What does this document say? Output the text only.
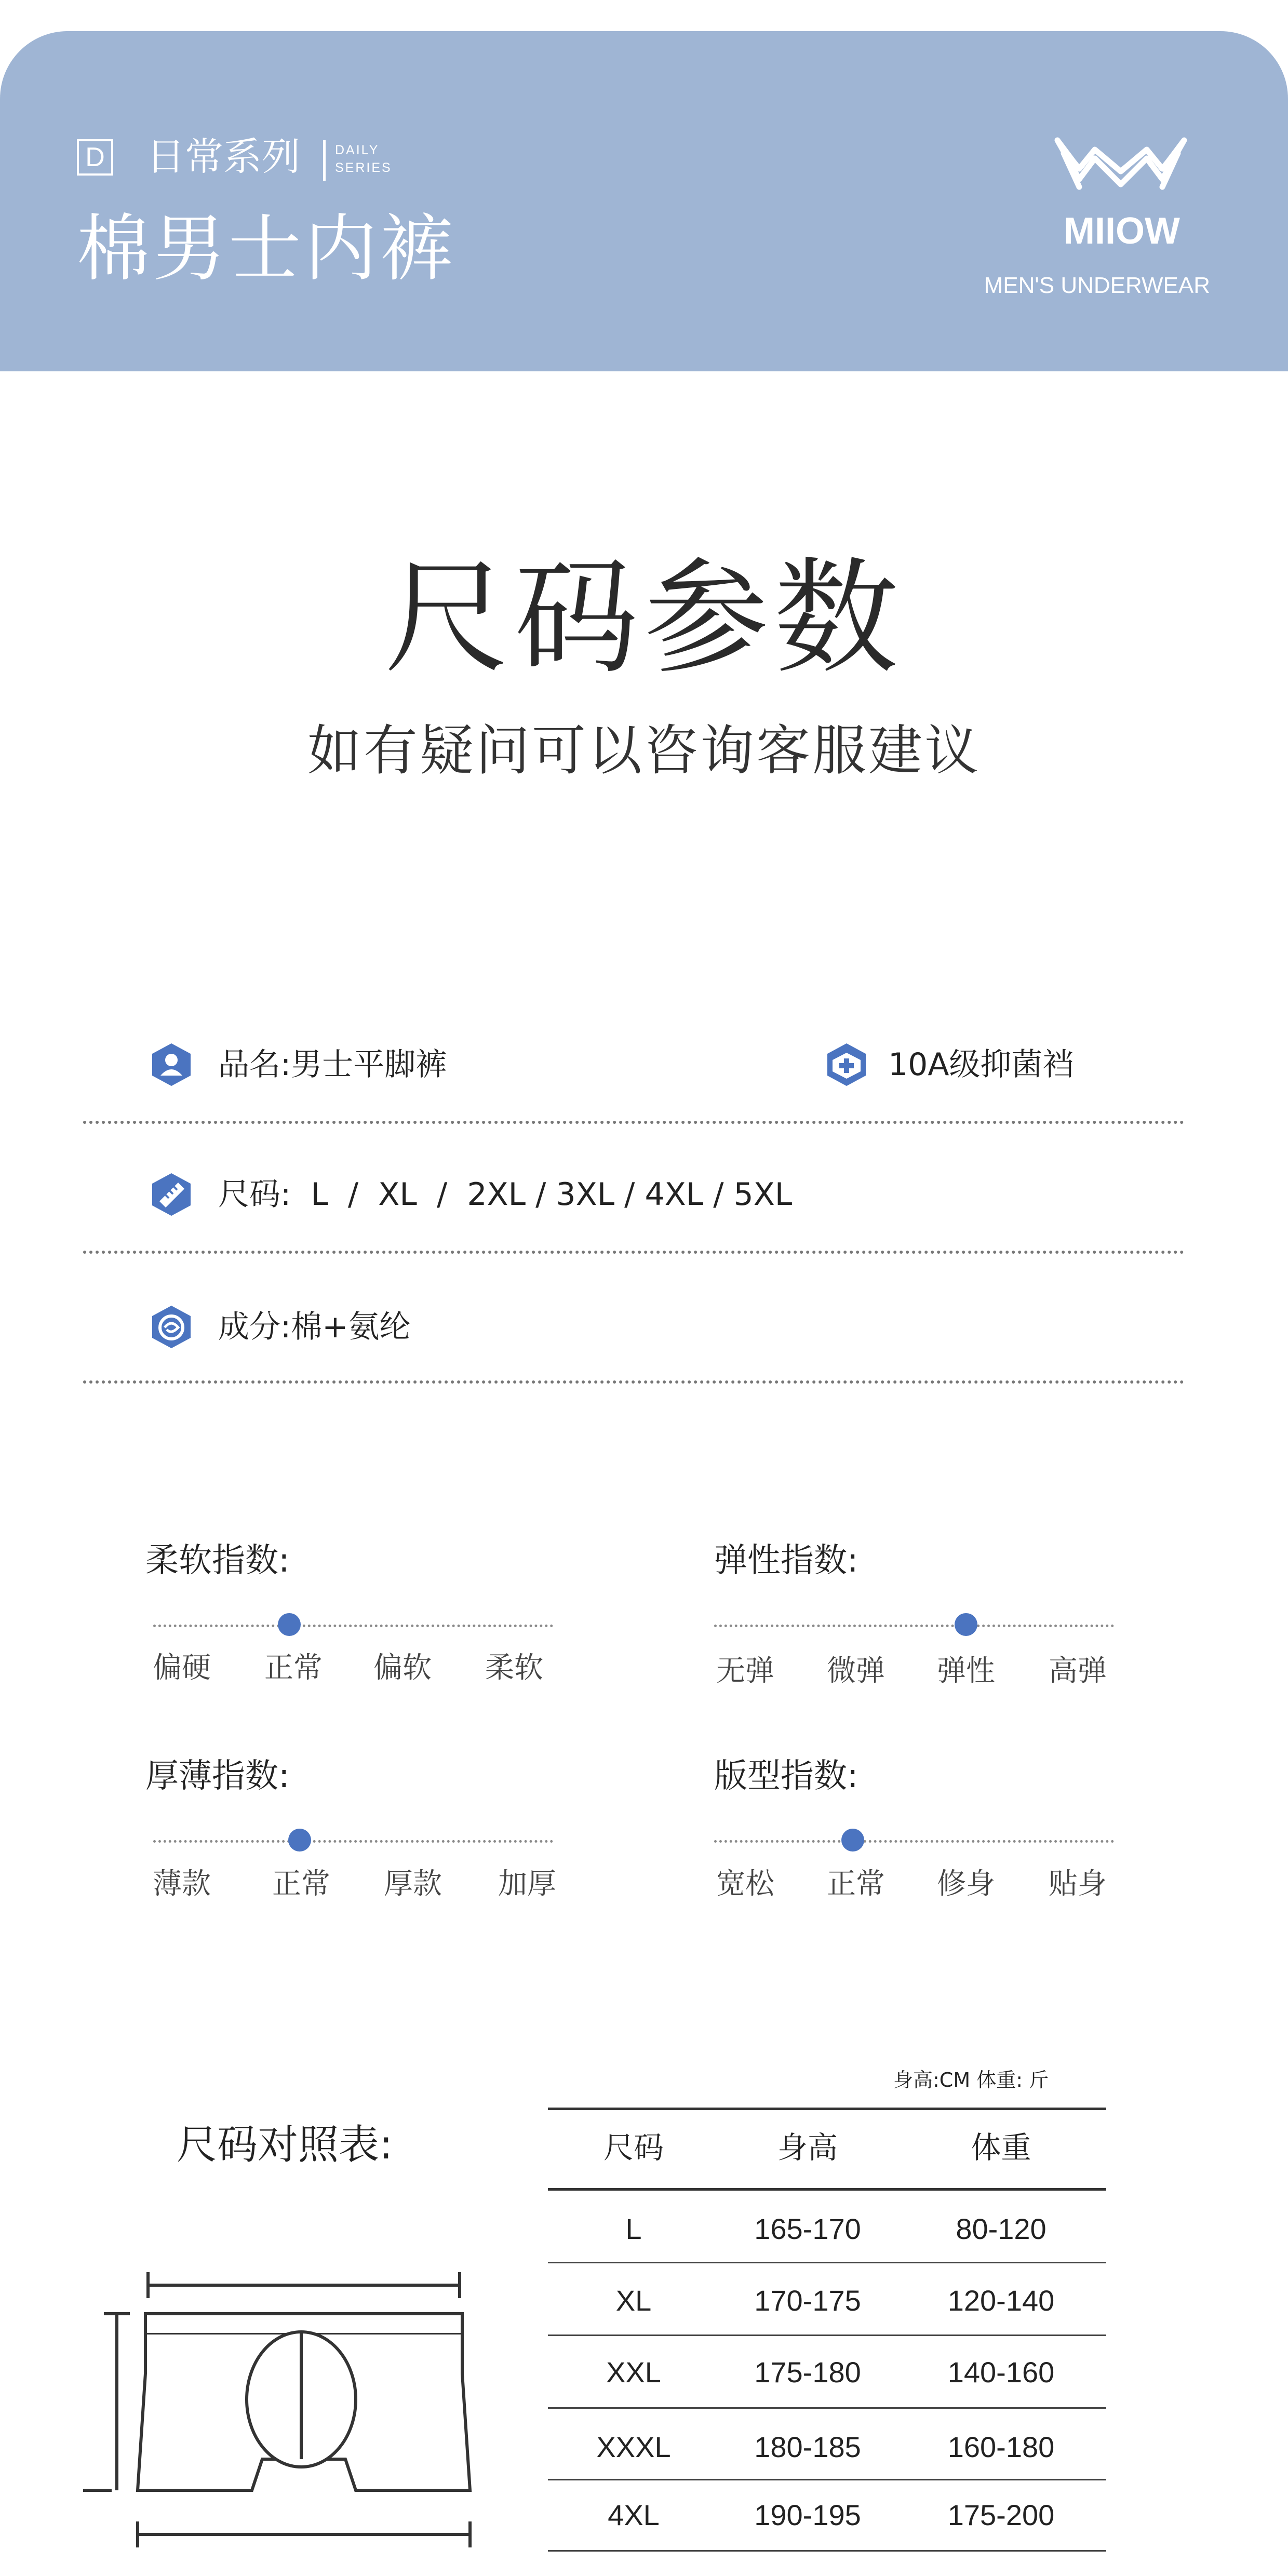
D 日常系列	DAILY
SERIES
棉男士内裤	MIIOW
MEN'S UNDERWEAR
尺码参数
如有疑问可以咨询客服建议
品名:男士平脚裤	10A级抑菌裆
尺码:  L  /  XL  /  2XL / 3XL / 4XL / 5XL
成分:棉+氨纶
柔软指数:
偏硬	正常	偏软	柔软
弹性指数:
无弹	微弹	弹性	高弹
厚薄指数:
薄款	正常	厚款	加厚
版型指数:
宽松	正常	修身	贴身
尺码对照表:
身高:CM 体重: 斤
尺码	身高	体重
L	165-170	80-120
XL	170-175	120-140
XXL	175-180	140-160
XXXL	180-185	160-180
4XL	190-195	175-200
